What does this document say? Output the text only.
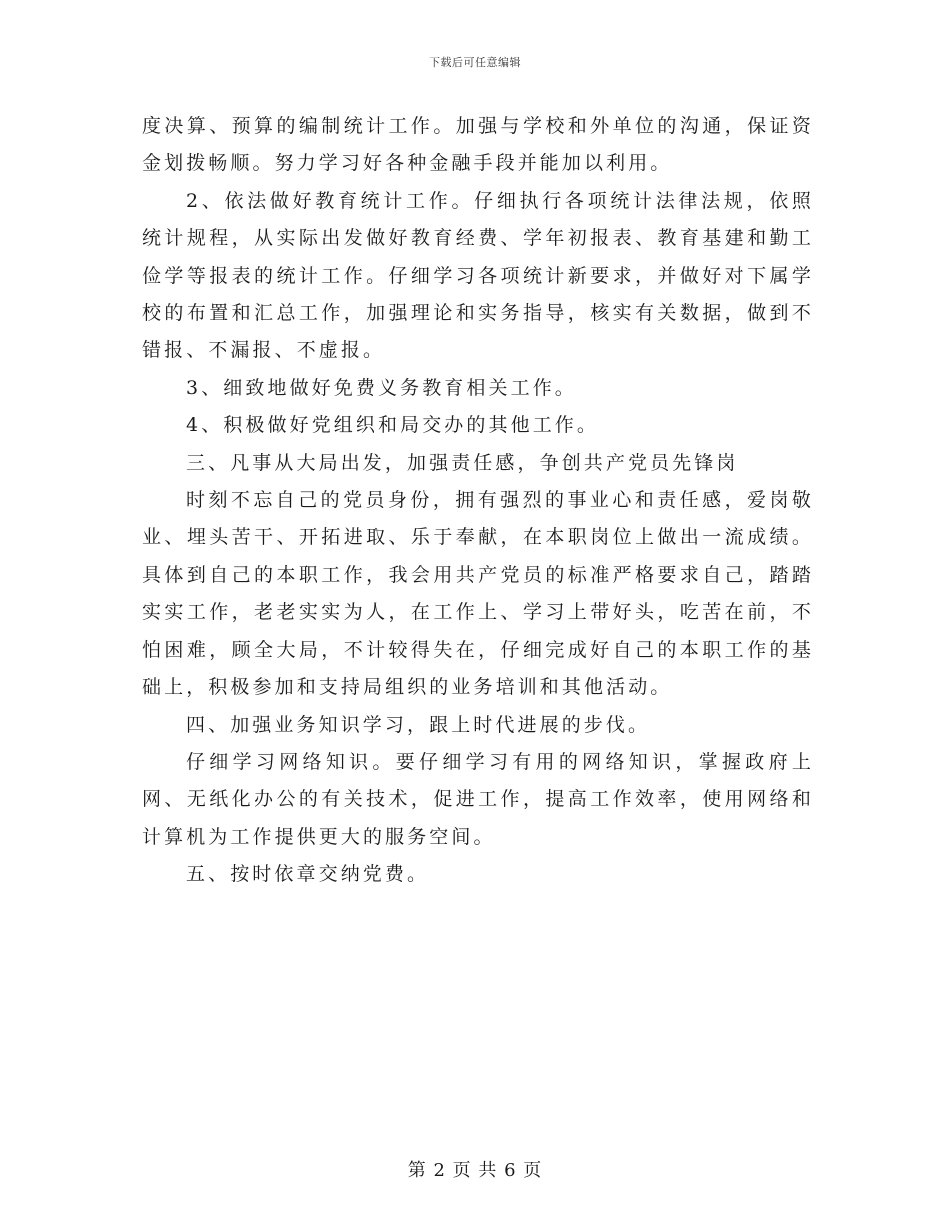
下载后可任意编辑

度决算、预算的编制统计工作。加强与学校和外单位的沟通，保证资金划拨畅顺。努力学习好各种金融手段并能加以利用。

2、依法做好教育统计工作。仔细执行各项统计法律法规，依照统计规程，从实际出发做好教育经费、学年初报表、教育基建和勤工俭学等报表的统计工作。仔细学习各项统计新要求，并做好对下属学校的布置和汇总工作，加强理论和实务指导，核实有关数据，做到不错报、不漏报、不虚报。

3、细致地做好免费义务教育相关工作。

4、积极做好党组织和局交办的其他工作。

三、凡事从大局出发，加强责任感，争创共产党员先锋岗

时刻不忘自己的党员身份，拥有强烈的事业心和责任感，爱岗敬业、埋头苦干、开拓进取、乐于奉献，在本职岗位上做出一流成绩。具体到自己的本职工作，我会用共产党员的标准严格要求自己，踏踏实实工作，老老实实为人，在工作上、学习上带好头，吃苦在前，不怕困难，顾全大局，不计较得失在，仔细完成好自己的本职工作的基础上，积极参加和支持局组织的业务培训和其他活动。

四、加强业务知识学习，跟上时代进展的步伐。

仔细学习网络知识。要仔细学习有用的网络知识，掌握政府上网、无纸化办公的有关技术，促进工作，提高工作效率，使用网络和计算机为工作提供更大的服务空间。

五、按时依章交纳党费。

第 2 页 共 6 页
